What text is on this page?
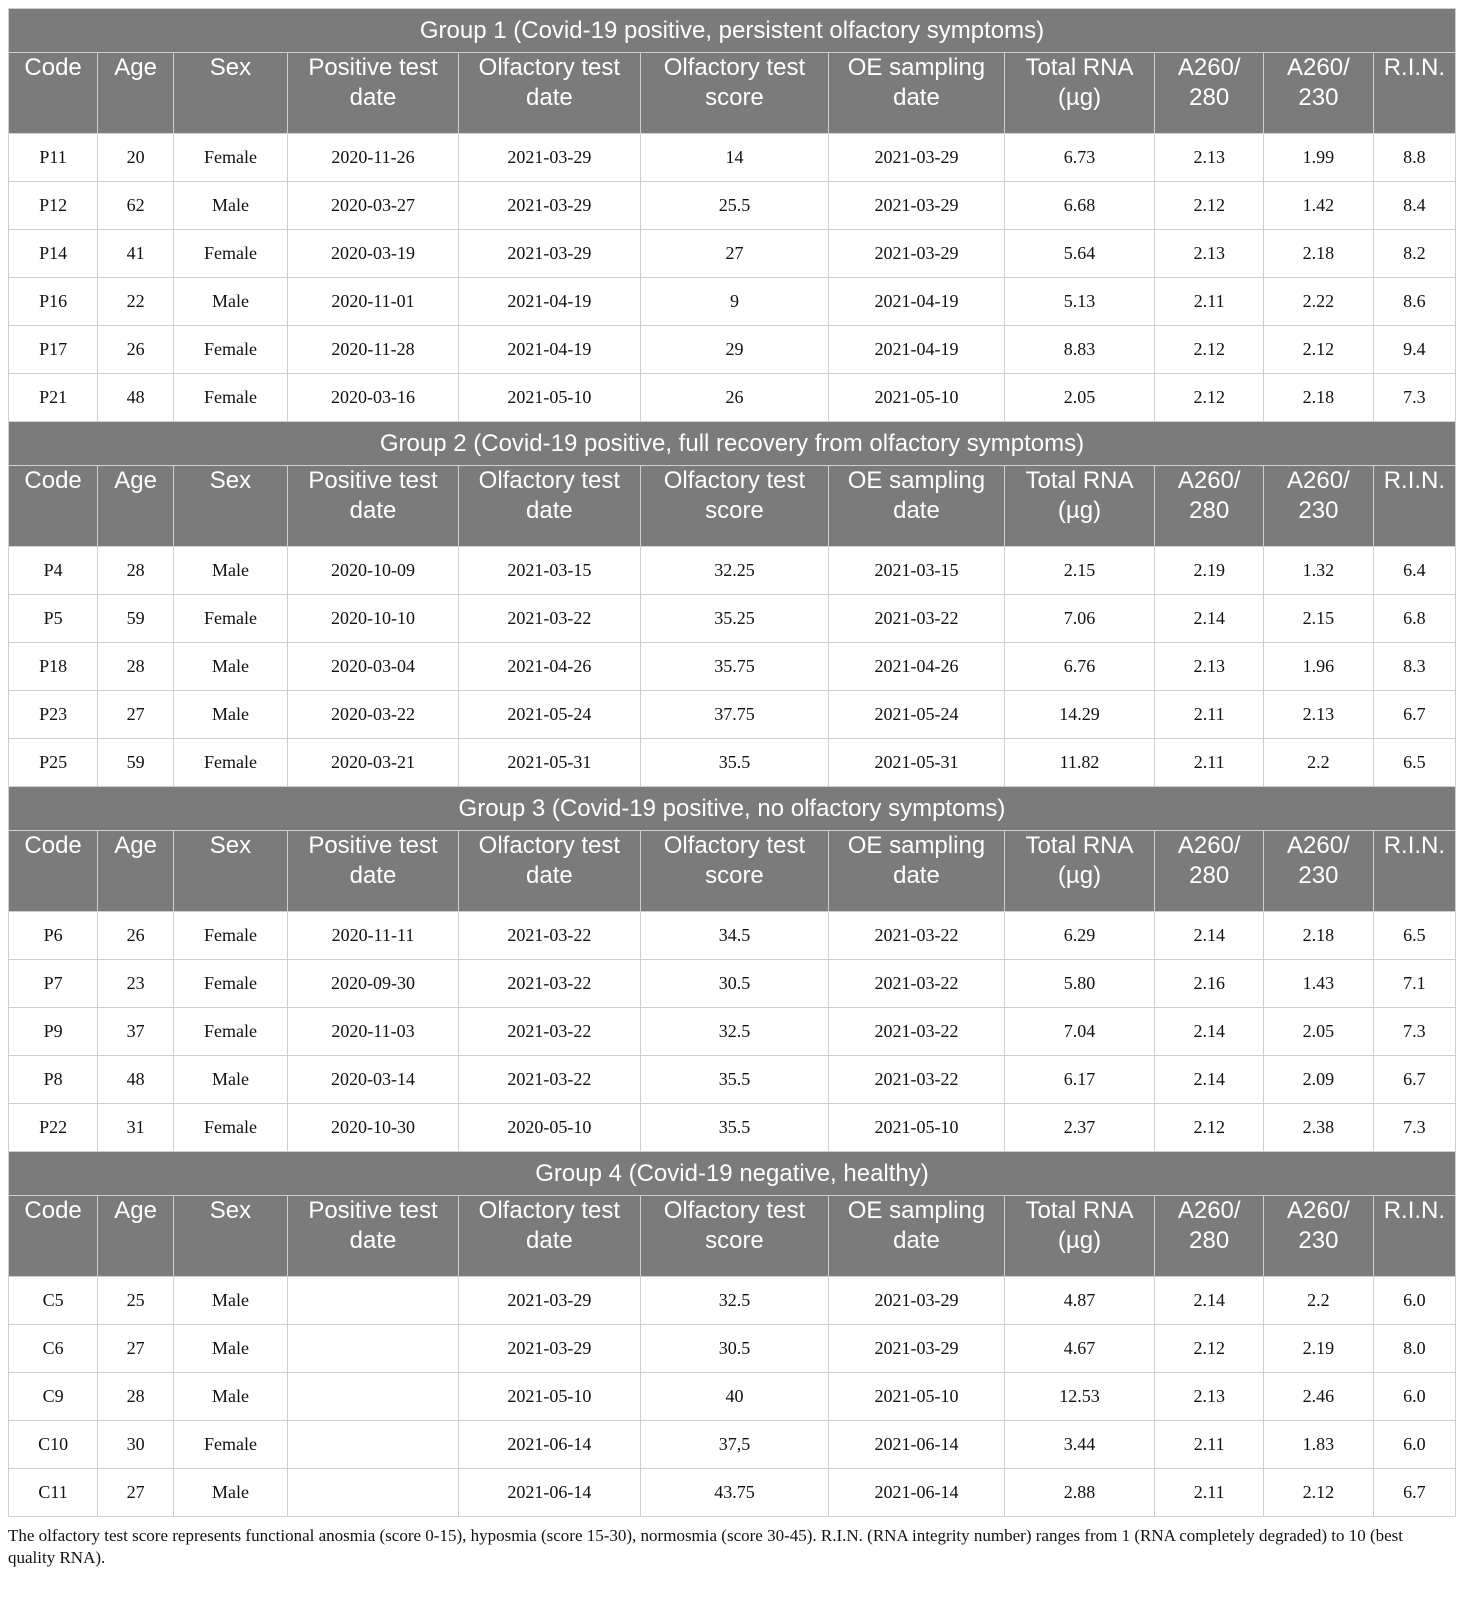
Group 1 (Covid-19 positive, persistent olfactory symptoms)										
Code	Age	Sex	Positive test date	Olfactory test date	Olfactory test score	OE sampling date	Total RNA (µg)	A260/ 280	A260/ 230	R.I.N.
P11	20	Female	2020-11-26	2021-03-29	14	2021-03-29	6.73	2.13	1.99	8.8
P12	62	Male	2020-03-27	2021-03-29	25.5	2021-03-29	6.68	2.12	1.42	8.4
P14	41	Female	2020-03-19	2021-03-29	27	2021-03-29	5.64	2.13	2.18	8.2
P16	22	Male	2020-11-01	2021-04-19	9	2021-04-19	5.13	2.11	2.22	8.6
P17	26	Female	2020-11-28	2021-04-19	29	2021-04-19	8.83	2.12	2.12	9.4
P21	48	Female	2020-03-16	2021-05-10	26	2021-05-10	2.05	2.12	2.18	7.3
Group 2 (Covid-19 positive, full recovery from olfactory symptoms)										
Code	Age	Sex	Positive test date	Olfactory test date	Olfactory test score	OE sampling date	Total RNA (µg)	A260/ 280	A260/ 230	R.I.N.
P4	28	Male	2020-10-09	2021-03-15	32.25	2021-03-15	2.15	2.19	1.32	6.4
P5	59	Female	2020-10-10	2021-03-22	35.25	2021-03-22	7.06	2.14	2.15	6.8
P18	28	Male	2020-03-04	2021-04-26	35.75	2021-04-26	6.76	2.13	1.96	8.3
P23	27	Male	2020-03-22	2021-05-24	37.75	2021-05-24	14.29	2.11	2.13	6.7
P25	59	Female	2020-03-21	2021-05-31	35.5	2021-05-31	11.82	2.11	2.2	6.5
Group 3 (Covid-19 positive, no olfactory symptoms)										
Code	Age	Sex	Positive test date	Olfactory test date	Olfactory test score	OE sampling date	Total RNA (µg)	A260/ 280	A260/ 230	R.I.N.
P6	26	Female	2020-11-11	2021-03-22	34.5	2021-03-22	6.29	2.14	2.18	6.5
P7	23	Female	2020-09-30	2021-03-22	30.5	2021-03-22	5.80	2.16	1.43	7.1
P9	37	Female	2020-11-03	2021-03-22	32.5	2021-03-22	7.04	2.14	2.05	7.3
P8	48	Male	2020-03-14	2021-03-22	35.5	2021-03-22	6.17	2.14	2.09	6.7
P22	31	Female	2020-10-30	2020-05-10	35.5	2021-05-10	2.37	2.12	2.38	7.3
Group 4 (Covid-19 negative, healthy)										
Code	Age	Sex	Positive test date	Olfactory test date	Olfactory test score	OE sampling date	Total RNA (µg)	A260/ 280	A260/ 230	R.I.N.
C5	25	Male		2021-03-29	32.5	2021-03-29	4.87	2.14	2.2	6.0
C6	27	Male		2021-03-29	30.5	2021-03-29	4.67	2.12	2.19	8.0
C9	28	Male		2021-05-10	40	2021-05-10	12.53	2.13	2.46	6.0
C10	30	Female		2021-06-14	37,5	2021-06-14	3.44	2.11	1.83	6.0
C11	27	Male		2021-06-14	43.75	2021-06-14	2.88	2.11	2.12	6.7
The olfactory test score represents functional anosmia (score 0-15), hyposmia (score 15-30), normosmia (score 30-45). R.I.N. (RNA integrity number) ranges from 1 (RNA completely degraded) to 10 (best quality RNA).
